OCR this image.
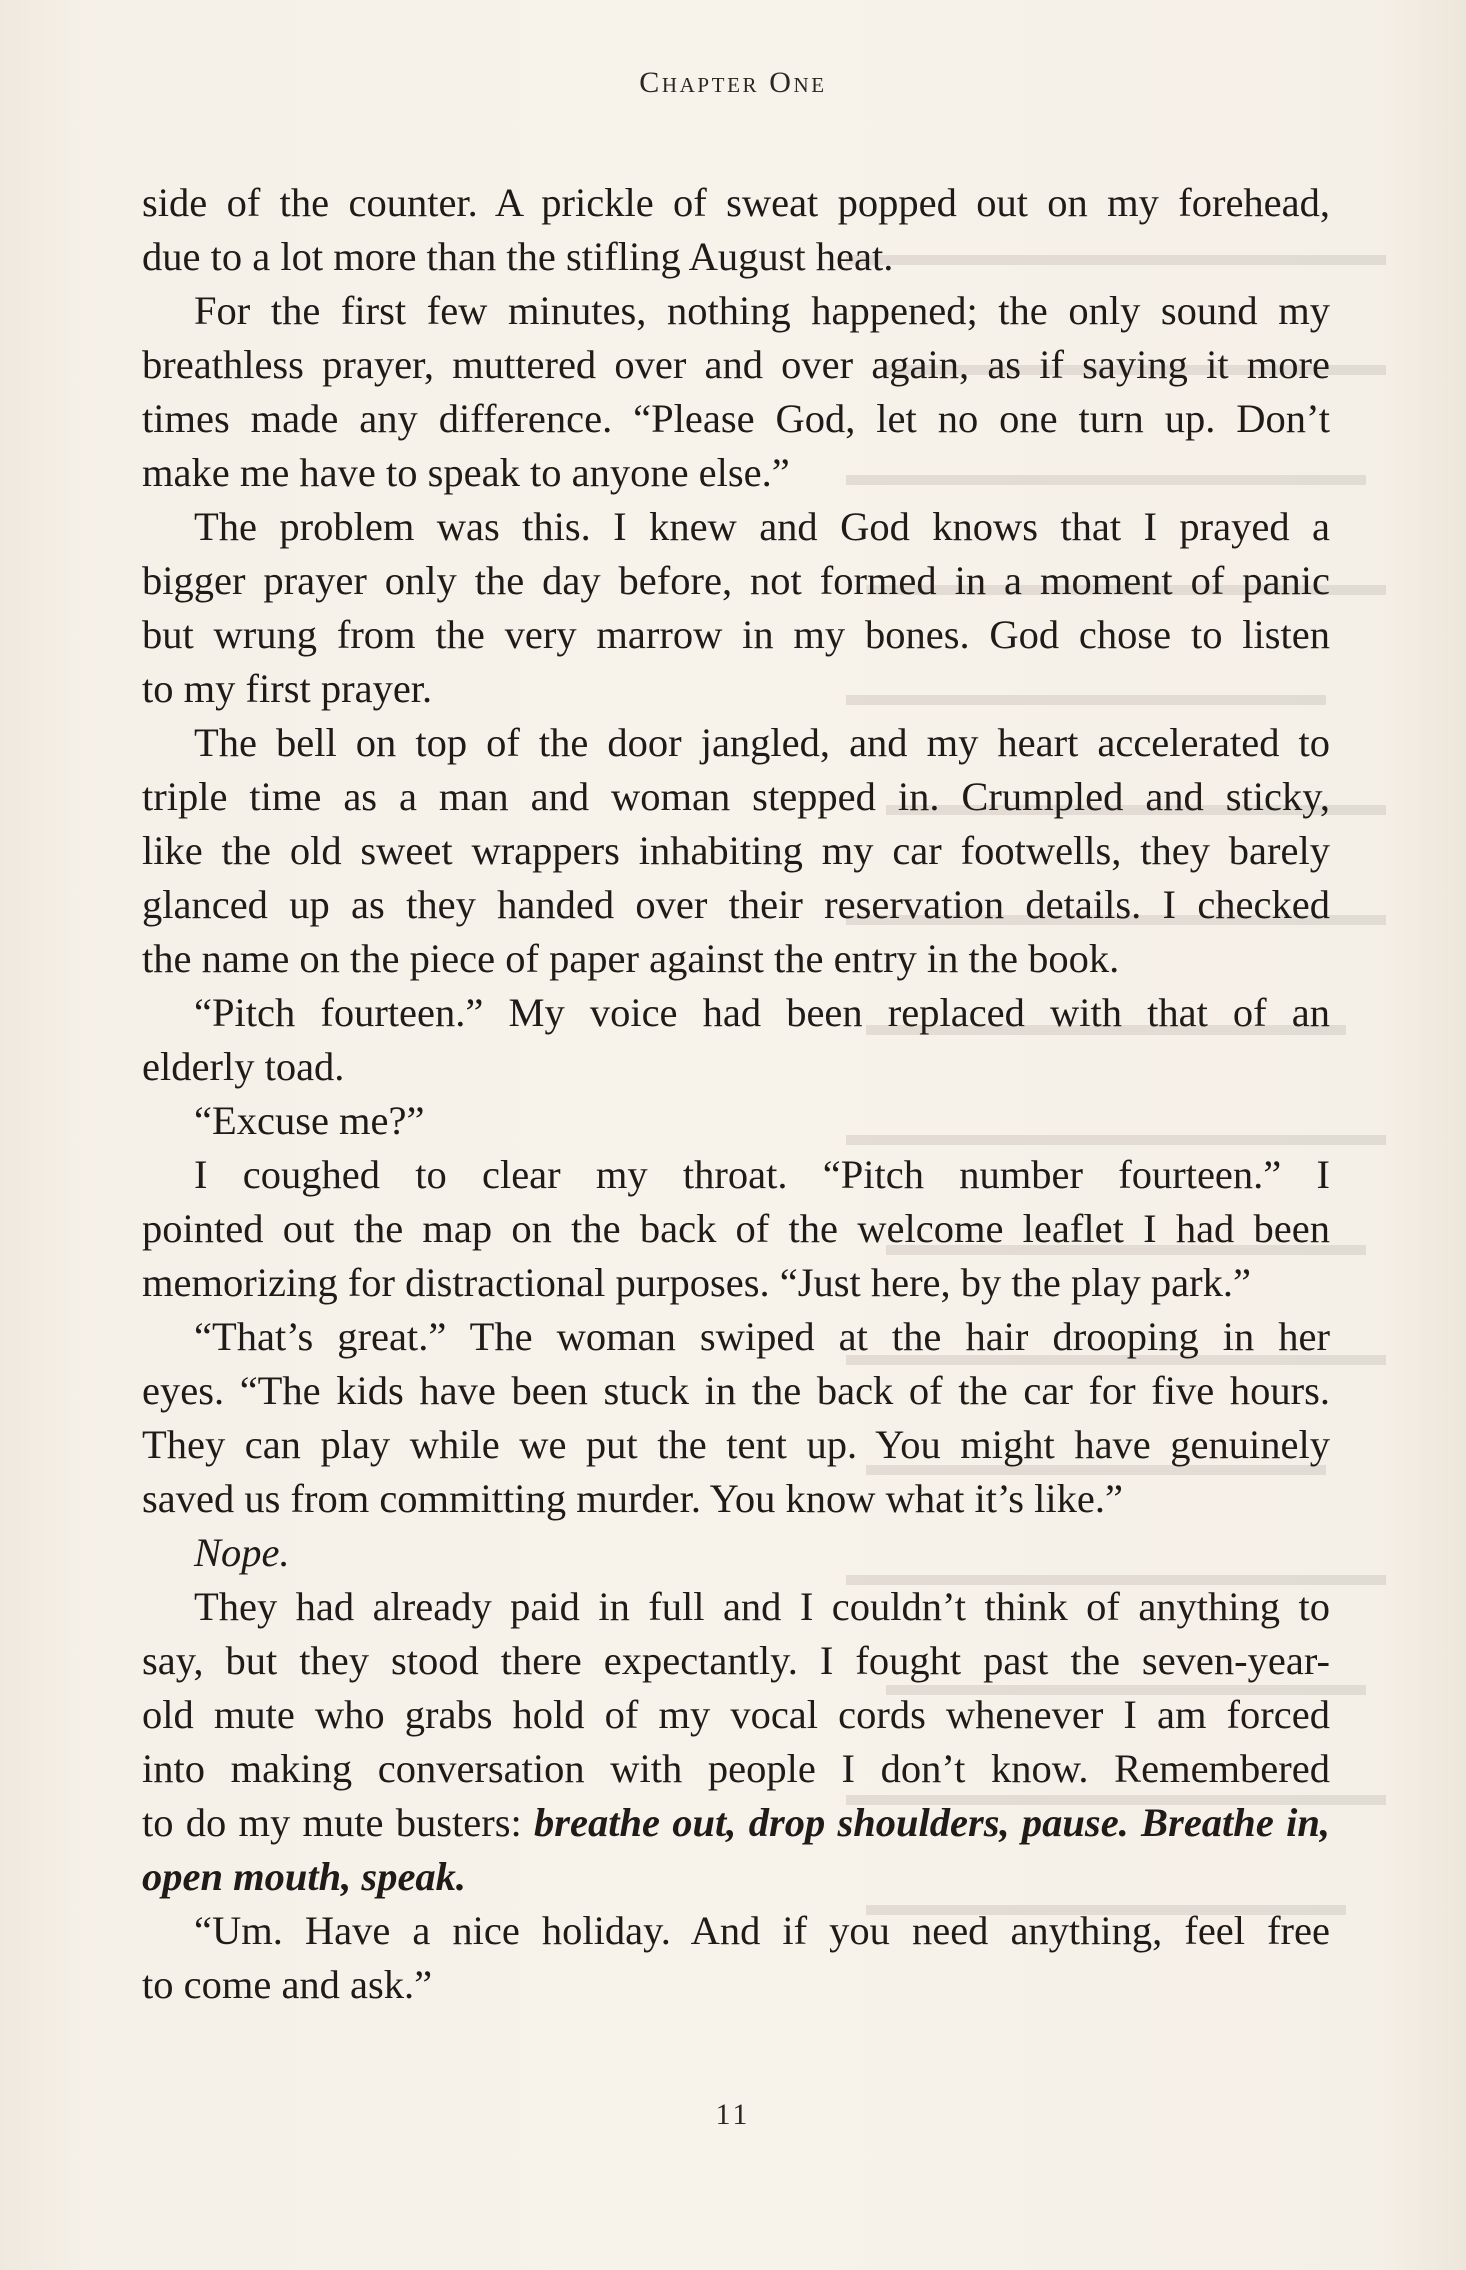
Chapter One
side of the counter. A prickle of sweat popped out on my forehead,
due to a lot more than the stifling August heat.
For the first few minutes, nothing happened; the only sound my
breathless prayer, muttered over and over again, as if saying it more
times made any difference. “Please God, let no one turn up. Don’t
make me have to speak to anyone else.”
The problem was this. I knew and God knows that I prayed a
bigger prayer only the day before, not formed in a moment of panic
but wrung from the very marrow in my bones. God chose to listen
to my first prayer.
The bell on top of the door jangled, and my heart accelerated to
triple time as a man and woman stepped in. Crumpled and sticky,
like the old sweet wrappers inhabiting my car footwells, they barely
glanced up as they handed over their reservation details. I checked
the name on the piece of paper against the entry in the book.
“Pitch fourteen.” My voice had been replaced with that of an
elderly toad.
“Excuse me?”
I coughed to clear my throat. “Pitch number fourteen.” I
pointed out the map on the back of the welcome leaflet I had been
memorizing for distractional purposes. “Just here, by the play park.”
“That’s great.” The woman swiped at the hair drooping in her
eyes. “The kids have been stuck in the back of the car for five hours.
They can play while we put the tent up. You might have genuinely
saved us from committing murder. You know what it’s like.”
Nope.
They had already paid in full and I couldn’t think of anything to
say, but they stood there expectantly. I fought past the seven-year-
old mute who grabs hold of my vocal cords whenever I am forced
into making conversation with people I don’t know. Remembered
to do my mute busters: breathe out, drop shoulders, pause. Breathe in,
open mouth, speak.
“Um. Have a nice holiday. And if you need anything, feel free
to come and ask.”
11
